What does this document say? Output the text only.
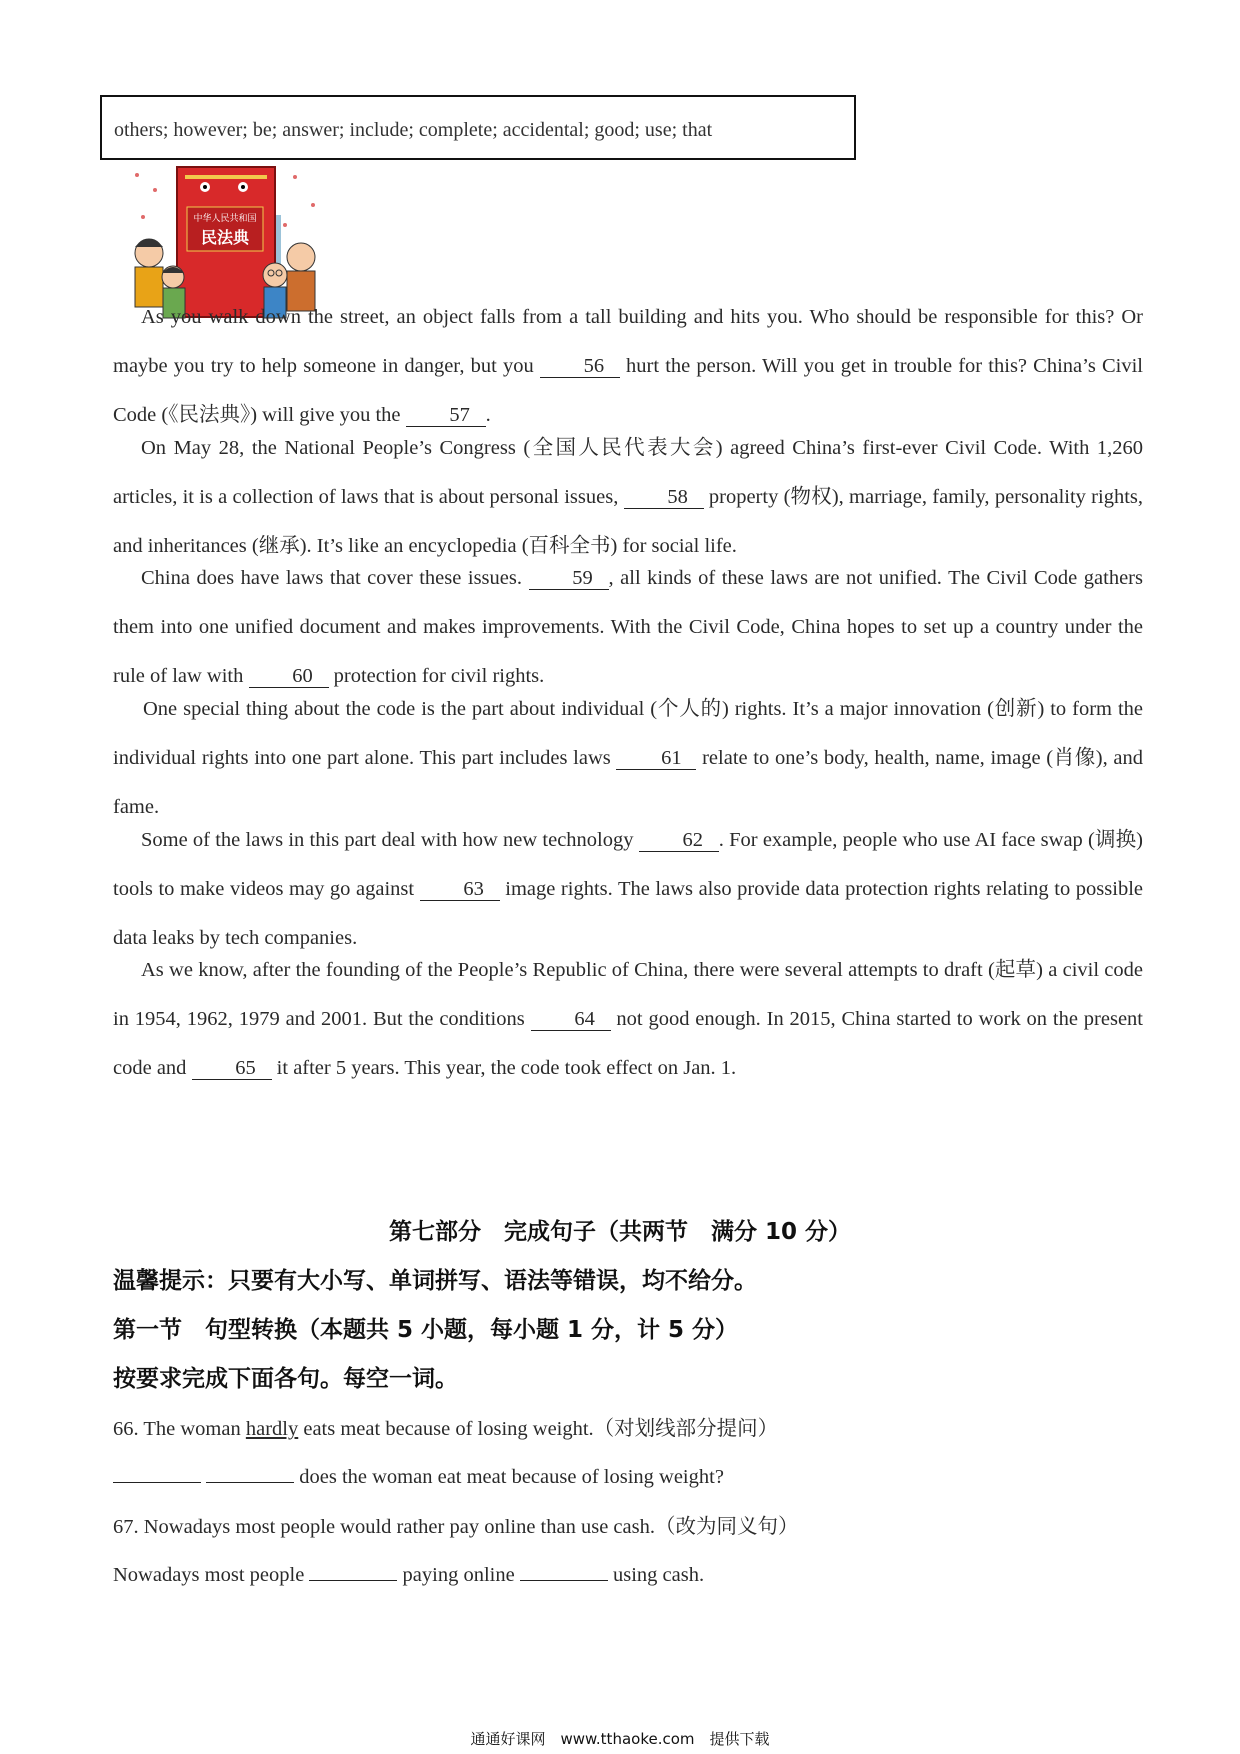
others; however; be; answer; include; complete; accidental; good; use; that
中华人民共和国
民法典
As you walk down the street, an object falls from a tall building and hits you. Who should be responsible for this? Or maybe you try to help someone in danger, but you 56 hurt the person. Will you get in trouble for this? China’s Civil Code (《民法典》) will give you the 57 .
On May 28, the National People’s Congress (全国人民代表大会) agreed China’s first-ever Civil Code. With 1,260 articles, it is a collection of laws that is about personal issues, 58 property (物权), marriage, family, personality rights, and inheritances (继承). It’s like an encyclopedia (百科全书) for social life.
China does have laws that cover these issues. 59 , all kinds of these laws are not unified. The Civil Code gathers them into one unified document and makes improvements. With the Civil Code, China hopes to set up a country under the rule of law with 60 protection for civil rights.
One special thing about the code is the part about individual (个人的) rights. It’s a major innovation (创新) to form the individual rights into one part alone. This part includes laws 61 relate to one’s body, health, name, image (肖像), and fame.
Some of the laws in this part deal with how new technology 62 . For example, people who use AI face swap (调换) tools to make videos may go against 63 image rights. The laws also provide data protection rights relating to possible data leaks by tech companies.
As we know, after the founding of the People’s Republic of China, there were several attempts to draft (起草) a civil code in 1954, 1962, 1979 and 2001. But the conditions 64 not good enough. In 2015, China started to work on the present code and 65 it after 5 years. This year, the code took effect on Jan. 1.
第七部分　完成句子（共两节　满分 10 分）
温馨提示：只要有大小写、单词拼写、语法等错误，均不给分。
第一节　句型转换（本题共 5 小题，每小题 1 分，计 5 分）
按要求完成下面各句。每空一词。
66. The woman hardly eats meat because of losing weight.（对划线部分提问）
does the woman eat meat because of losing weight?
67. Nowadays most people would rather pay online than use cash.（改为同义句）
Nowadays most people	paying online	using cash.
通通好课网　www.tthaoke.com　提供下载
